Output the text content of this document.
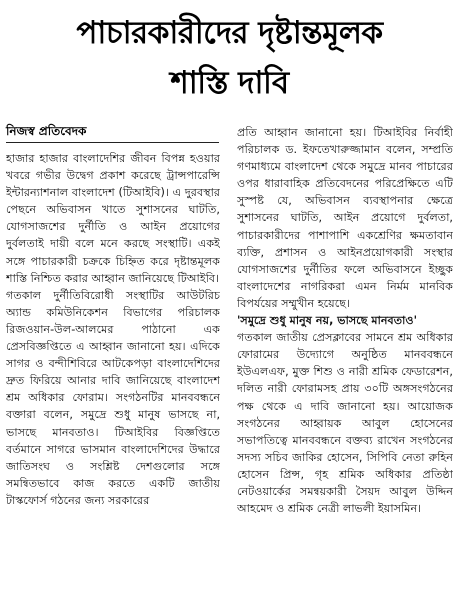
পাচারকারীদের দৃষ্টান্তমূলক
শাস্তি দাবি
নিজস্ব প্রতিবেদক

হাজার হাজার বাংলাদেশির জীবন বিপন্ন হওয়ার খবরে গভীর উদ্বেগ প্রকাশ করেছে ট্রান্সপারেন্সি ইন্টারন্যাশনাল বাংলাদেশ (টিআইবি)। এ দুরবস্থার পেছনে অভিবাসন খাতে সুশাসনের ঘাটতি, যোগসাজশের দুর্নীতি ও আইন প্রয়োগের দুর্বলতাই দায়ী বলে মনে করছে সংস্থাটি। একই সঙ্গে পাচারকারী চক্রকে চিহ্নিত করে দৃষ্টান্তমূলক শাস্তি নিশ্চিত করার আহ্বান জানিয়েছে টিআইবি।

গতকাল দুর্নীতিবিরোধী সংস্থাটির আউটরিচ অ্যান্ড কমিউনিকেশন বিভাগের পরিচালক রিজওয়ান-উল-আলমের পাঠানো এক প্রেসবিজ্ঞপ্তিতে এ আহ্বান জানানো হয়। এদিকে সাগর ও বন্দীশিবিরে আটকেপড়া বাংলাদেশিদের দ্রুত ফিরিয়ে আনার দাবি জানিয়েছে বাংলাদেশ শ্রম অধিকার ফোরাম। সংগঠনটির মানববন্ধনে বক্তারা বলেন, সমুদ্রে শুধু মানুষ ভাসছে না, ভাসছে মানবতাও। টিআইবির বিজ্ঞপ্তিতে বর্তমানে সাগরে ভাসমান বাংলাদেশিদের উদ্ধারে জাতিসংঘ ও সংশ্লিষ্ট দেশগুলোর সঙ্গে সমন্বিতভাবে কাজ করতে একটি জাতীয় টাস্কফোর্স গঠনের জন্য সরকারের

প্রতি আহ্বান জানানো হয়। টিআইবির নির্বাহী পরিচালক ড. ইফতেখারুজ্জামান বলেন, সম্প্রতি গণমাধ্যমে বাংলাদেশ থেকে সমুদ্রে মানব পাচারের ওপর ধারাবাহিক প্রতিবেদনের পরিপ্রেক্ষিতে এটি সুস্পষ্ট যে, অভিবাসন ব্যবস্থাপনার ক্ষেত্রে সুশাসনের ঘাটতি, আইন প্রয়োগে দুর্বলতা, পাচারকারীদের পাশাপাশি একশ্রেণির ক্ষমতাবান ব্যক্তি, প্রশাসন ও আইনপ্রয়োগকারী সংস্থার যোগসাজশের দুর্নীতির ফলে অভিবাসনে ইচ্ছুক বাংলাদেশের নাগরিকরা এমন নির্মম মানবিক বিপর্যয়ের সম্মুখীন হয়েছে।

'সমুদ্রে শুধু মানুষ নয়, ভাসছে মানবতাও'

গতকাল জাতীয় প্রেসক্লাবের সামনে শ্রম অধিকার ফোরামের উদ্যোগে অনুষ্ঠিত মানববন্ধনে ইউএলএফ, মুক্ত শিশু ও নারী শ্রমিক ফেডারেশন, দলিত নারী ফোরামসহ প্রায় ৩০টি অঙ্গসংগঠনের পক্ষ থেকে এ দাবি জানানো হয়। আয়োজক সংগঠনের আহ্বায়ক আবুল হোসেনের সভাপতিত্বে মানববন্ধনে বক্তব্য রাখেন সংগঠনের সদস্য সচিব জাকির হোসেন, সিপিবি নেতা রুহিন হোসেন প্রিন্স, গৃহ শ্রমিক অধিকার প্রতিষ্ঠা নেটওয়ার্কের সমন্বয়কারী সৈয়দ আবুল উদ্দিন আহমেদ ও শ্রমিক নেত্রী লাভলী ইয়াসমিন।
